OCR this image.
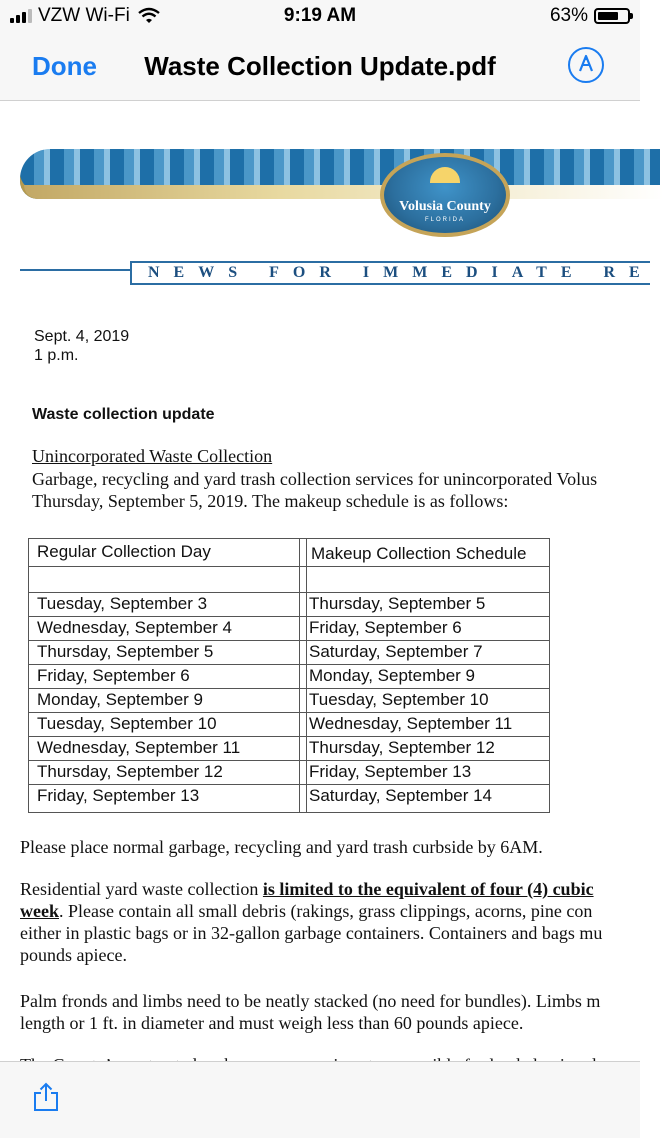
VZW Wi-Fi	9:19 AM	63%
Done	Waste Collection Update.pdf
Volusia County
FLORIDA
NEWS FOR IMMEDIATE RE
Sept. 4, 2019
1 p.m.
Waste collection update
Unincorporated Waste Collection
Garbage, recycling and yard trash collection services for unincorporated Volus
Thursday, September 5, 2019. The makeup schedule is as follows:
Regular Collection Day	Makeup Collection Schedule
Tuesday, September 3	Thursday, September 5
Wednesday, September 4	Friday, September 6
Thursday, September 5	Saturday, September 7
Friday, September 6	Monday, September 9
Monday, September 9	Tuesday, September 10
Tuesday, September 10	Wednesday, September 11
Wednesday, September 11	Thursday, September 12
Thursday, September 12	Friday, September 13
Friday, September 13	Saturday, September 14
Please place normal garbage, recycling and yard trash curbside by 6AM.
Residential yard waste collection is limited to the equivalent of four (4) cubic
week. Please contain all small debris (rakings, grass clippings, acorns, pine con
either in plastic bags or in 32-gallon garbage containers. Containers and bags mu
pounds apiece.
Palm fronds and limbs need to be neatly stacked (no need for bundles). Limbs m
length or 1 ft. in diameter and must weigh less than 60 pounds apiece.
